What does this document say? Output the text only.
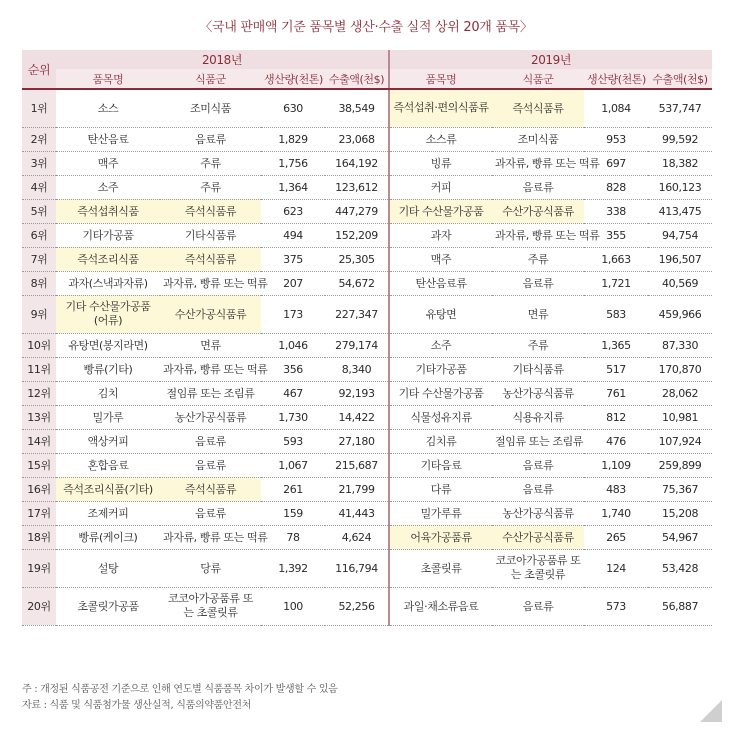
〈국내 판매액 기준 품목별 생산·수출 실적 상위 20개 품목〉
순위	2018년				2019년			
	품목명	식품군	생산량(천톤)	수출액(천$)	품목명	식품군	생산량(천톤)	수출액(천$)
1위	소스	조미식품	630	38,549	즉석섭취·편의식품류	즉석식품류	1,084	537,747
2위	탄산음료	음료류	1,829	23,068	소스류	조미식품	953	99,592
3위	맥주	주류	1,756	164,192	빙류	과자류, 빵류 또는 떡류	697	18,382
4위	소주	주류	1,364	123,612	커피	음료류	828	160,123
5위	즉석섭취식품	즉석식품류	623	447,279	기타 수산물가공품	수산가공식품류	338	413,475
6위	기타가공품	기타식품류	494	152,209	과자	과자류, 빵류 또는 떡류	355	94,754
7위	즉석조리식품	즉석식품류	375	25,305	맥주	주류	1,663	196,507
8위	과자(스낵과자류)	과자류, 빵류 또는 떡류	207	54,672	탄산음료류	음료류	1,721	40,569
9위	기타 수산물가공품(어류)	수산가공식품류	173	227,347	유탕면	면류	583	459,966
10위	유탕면(봉지라면)	면류	1,046	279,174	소주	주류	1,365	87,330
11위	빵류(기타)	과자류, 빵류 또는 떡류	356	8,340	기타가공품	기타식품류	517	170,870
12위	김치	절임류 또는 조림류	467	92,193	기타 수산물가공품	농산가공식품류	761	28,062
13위	밀가루	농산가공식품류	1,730	14,422	식물성유지류	식용유지류	812	10,981
14위	액상커피	음료류	593	27,180	김치류	절임류 또는 조림류	476	107,924
15위	혼합음료	음료류	1,067	215,687	기타음료	음료류	1,109	259,899
16위	즉석조리식품(기타)	즉석식품류	261	21,799	다류	음료류	483	75,367
17위	조제커피	음료류	159	41,443	밀가루류	농산가공식품류	1,740	15,208
18위	빵류(케이크)	과자류, 빵류 또는 떡류	78	4,624	어육가공품류	수산가공식품류	265	54,967
19위	설탕	당류	1,392	116,794	초콜릿류	코코아가공품류 또는 초콜릿류	124	53,428
20위	초콜릿가공품	코코아가공품류 또는 초콜릿류	100	52,256	과일·채소류음료	음료류	573	56,887
주 : 개정된 식품공전 기준으로 인해 연도별 식품품목 차이가 발생할 수 있음
자료 : 식품 및 식품첨가물 생산실적, 식품의약품안전처
